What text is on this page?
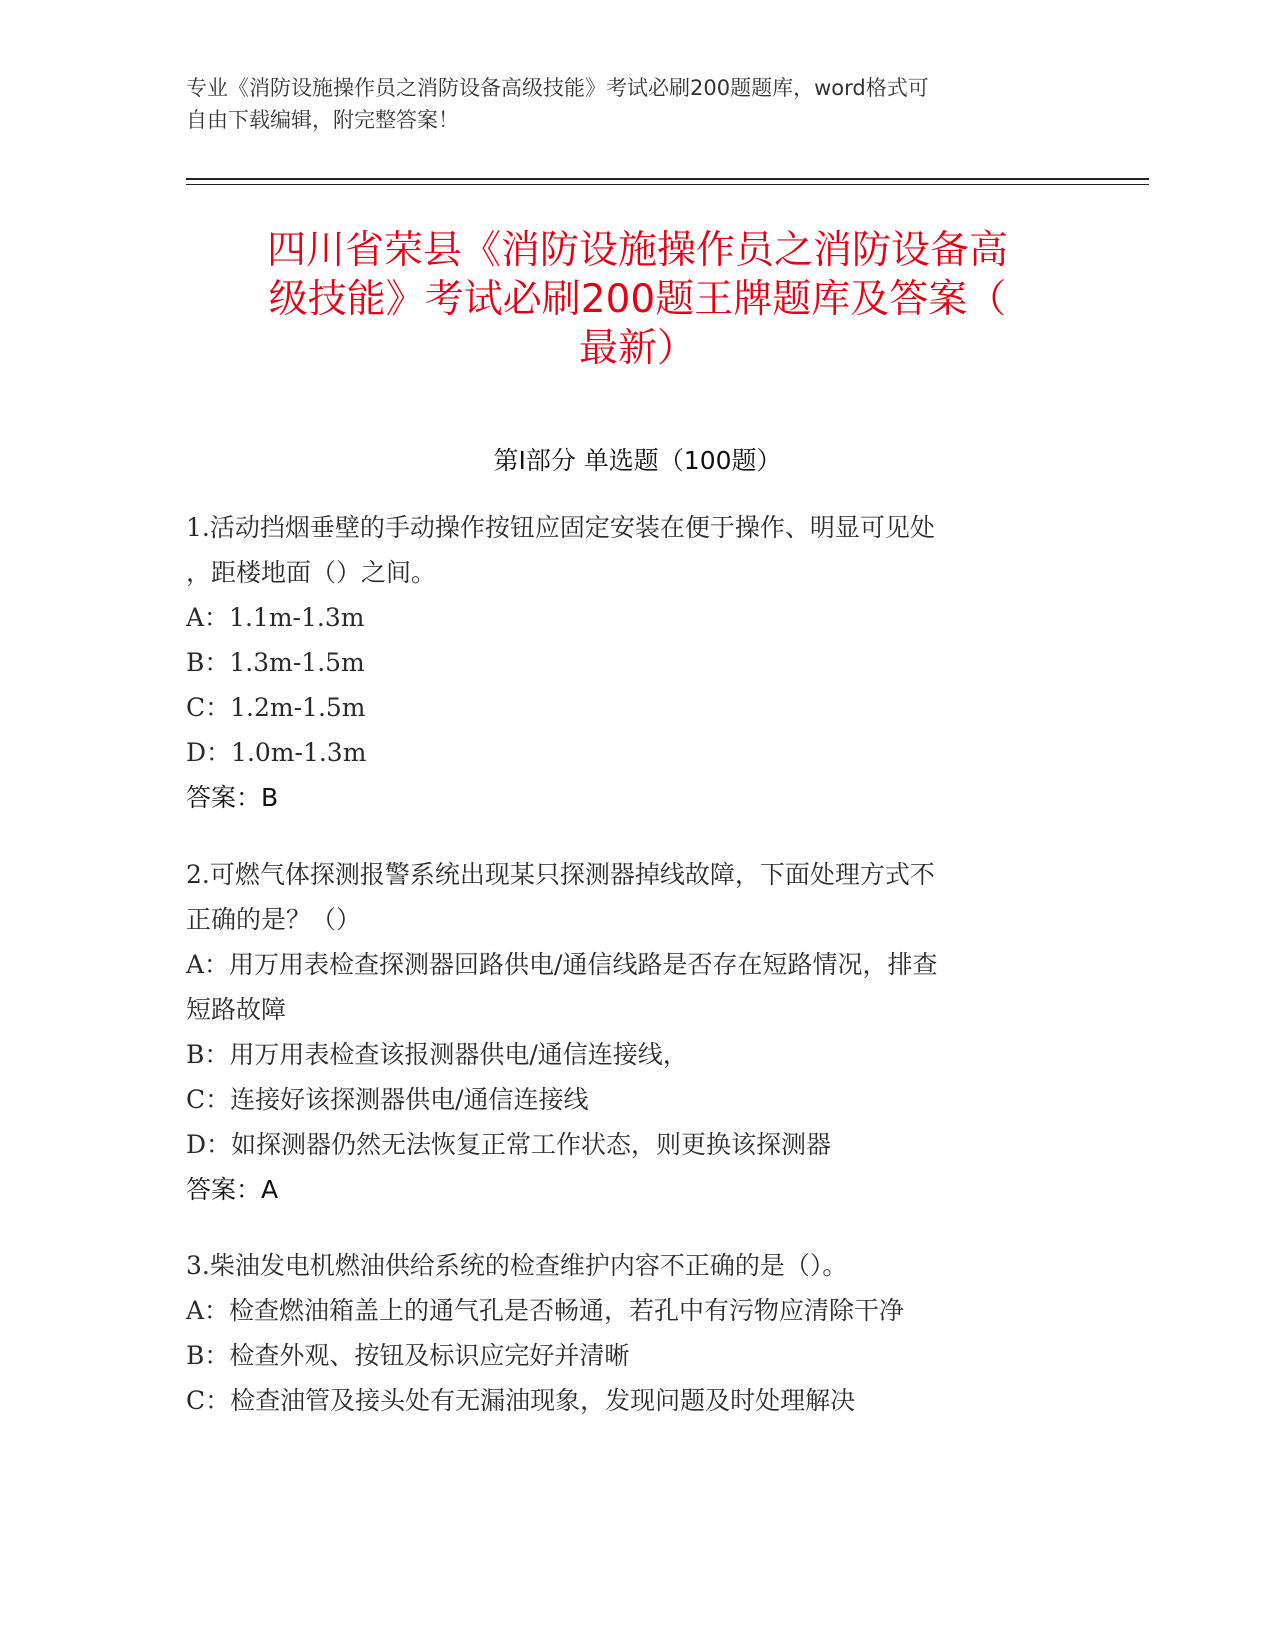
专业《消防设施操作员之消防设备高级技能》考试必刷200题题库，word格式可

自由下载编辑，附完整答案！

四川省荣县《消防设施操作员之消防设备高

级技能》考试必刷200题王牌题库及答案（

最新）

第Ⅰ部分 单选题（100题）

1.活动挡烟垂壁的手动操作按钮应固定安装在便于操作、明显可见处

，距楼地面（）之间。

A：1.1m-1.3m

B：1.3m-1.5m

C：1.2m-1.5m

D：1.0m-1.3m

答案：B

2.可燃气体探测报警系统出现某只探测器掉线故障，下面处理方式不

正确的是？（）

A：用万用表检查探测器回路供电/通信线路是否存在短路情况，排查

短路故障

B：用万用表检查该报测器供电/通信连接线，

C：连接好该探测器供电/通信连接线

D：如探测器仍然无法恢复正常工作状态，则更换该探测器

答案：A

3.柴油发电机燃油供给系统的检查维护内容不正确的是（）。

A：检查燃油箱盖上的通气孔是否畅通，若孔中有污物应清除干净

B：检查外观、按钮及标识应完好并清晰

C：检查油管及接头处有无漏油现象，发现问题及时处理解决
